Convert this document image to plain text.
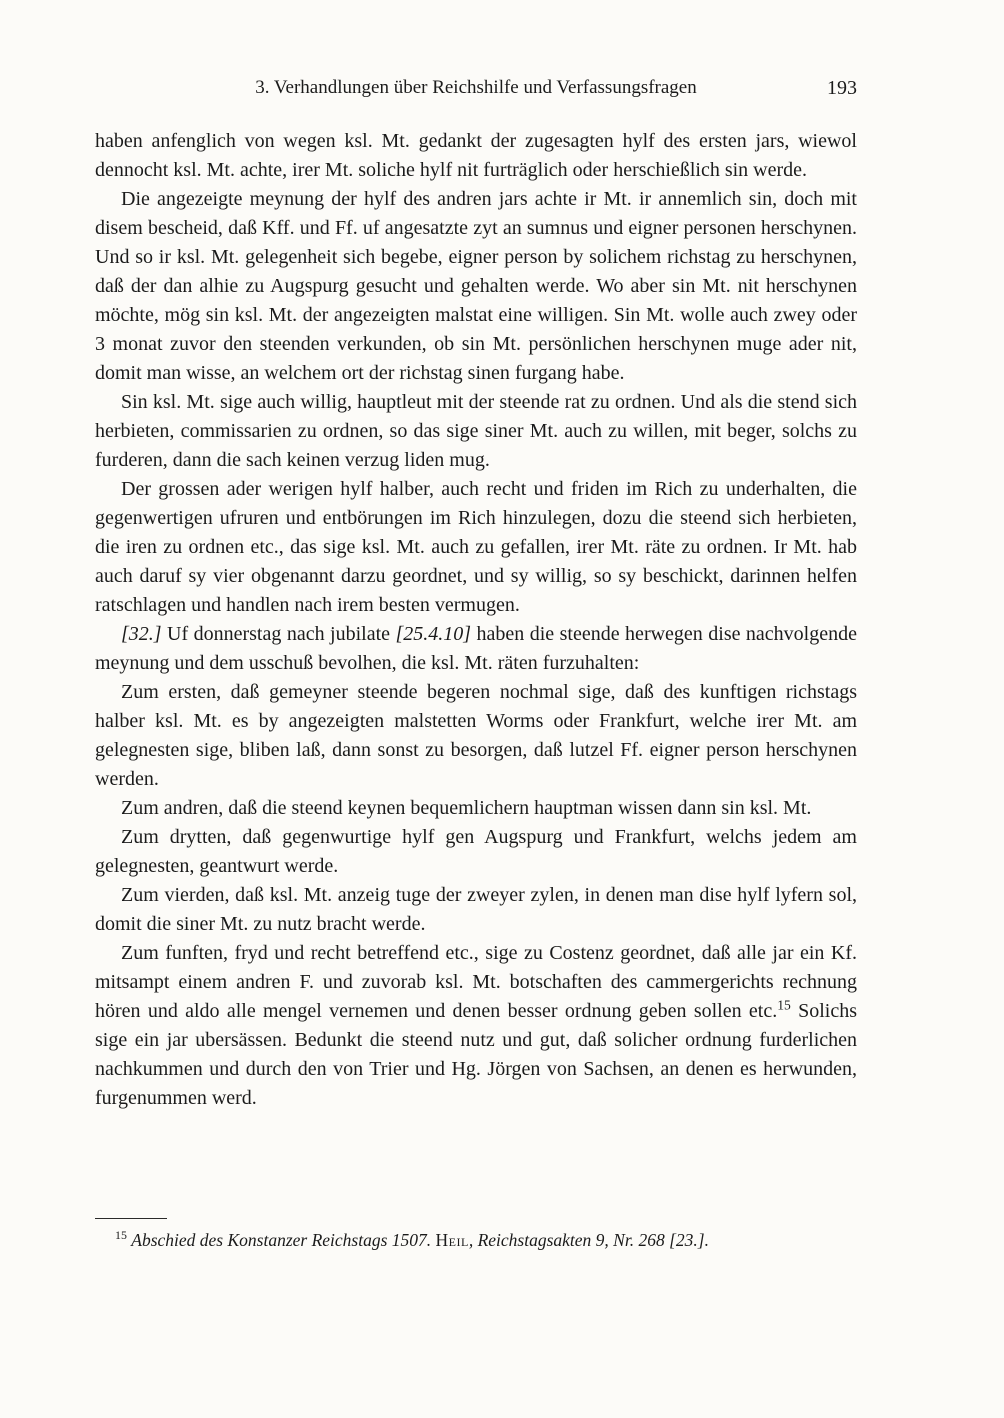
3. Verhandlungen über Reichshilfe und Verfassungsfragen	193

haben anfenglich von wegen ksl. Mt. gedankt der zugesagten hylf des ersten jars, wiewol dennocht ksl. Mt. achte, irer Mt. soliche hylf nit furträglich oder herschießlich sin werde.

Die angezeigte meynung der hylf des andren jars achte ir Mt. ir annemlich sin, doch mit disem bescheid, daß Kff. und Ff. uf angesatzte zyt an sumnus und eigner personen herschynen. Und so ir ksl. Mt. gelegenheit sich begebe, eigner person by solichem richstag zu herschynen, daß der dan alhie zu Augspurg gesucht und gehalten werde. Wo aber sin Mt. nit herschynen möchte, mög sin ksl. Mt. der angezeigten malstat eine willigen. Sin Mt. wolle auch zwey oder 3 monat zuvor den steenden verkunden, ob sin Mt. persönlichen herschynen muge ader nit, domit man wisse, an welchem ort der richstag sinen furgang habe.

Sin ksl. Mt. sige auch willig, hauptleut mit der steende rat zu ordnen. Und als die stend sich herbieten, commissarien zu ordnen, so das sige siner Mt. auch zu willen, mit beger, solchs zu furderen, dann die sach keinen verzug liden mug.

Der grossen ader werigen hylf halber, auch recht und friden im Rich zu underhalten, die gegenwertigen ufruren und entbörungen im Rich hinzulegen, dozu die steend sich herbieten, die iren zu ordnen etc., das sige ksl. Mt. auch zu gefallen, irer Mt. räte zu ordnen. Ir Mt. hab auch daruf sy vier obgenannt darzu geordnet, und sy willig, so sy beschickt, darinnen helfen ratschlagen und handlen nach irem besten vermugen.

[32.] Uf donnerstag nach jubilate [25.4.10] haben die steende herwegen dise nachvolgende meynung und dem usschuß bevolhen, die ksl. Mt. räten furzuhalten:

Zum ersten, daß gemeyner steende begeren nochmal sige, daß des kunftigen richstags halber ksl. Mt. es by angezeigten malstetten Worms oder Frankfurt, welche irer Mt. am gelegnesten sige, bliben laß, dann sonst zu besorgen, daß lutzel Ff. eigner person herschynen werden.

Zum andren, daß die steend keynen bequemlichern hauptman wissen dann sin ksl. Mt.

Zum drytten, daß gegenwurtige hylf gen Augspurg und Frankfurt, welchs jedem am gelegnesten, geantwurt werde.

Zum vierden, daß ksl. Mt. anzeig tuge der zweyer zylen, in denen man dise hylf lyfern sol, domit die siner Mt. zu nutz bracht werde.

Zum funften, fryd und recht betreffend etc., sige zu Costenz geordnet, daß alle jar ein Kf. mitsampt einem andren F. und zuvorab ksl. Mt. botschaften des cammergerichts rechnung hören und aldo alle mengel vernemen und denen besser ordnung geben sollen etc.$^{15}$ Solichs sige ein jar ubersässen. Bedunkt die steend nutz und gut, daß solicher ordnung furderlichen nachkummen und durch den von Trier und Hg. Jörgen von Sachsen, an denen es herwunden, furgenummen werd.

$^{15}$ Abschied des Konstanzer Reichstags 1507. Heil, Reichstagsakten 9, Nr. 268 [23.].
